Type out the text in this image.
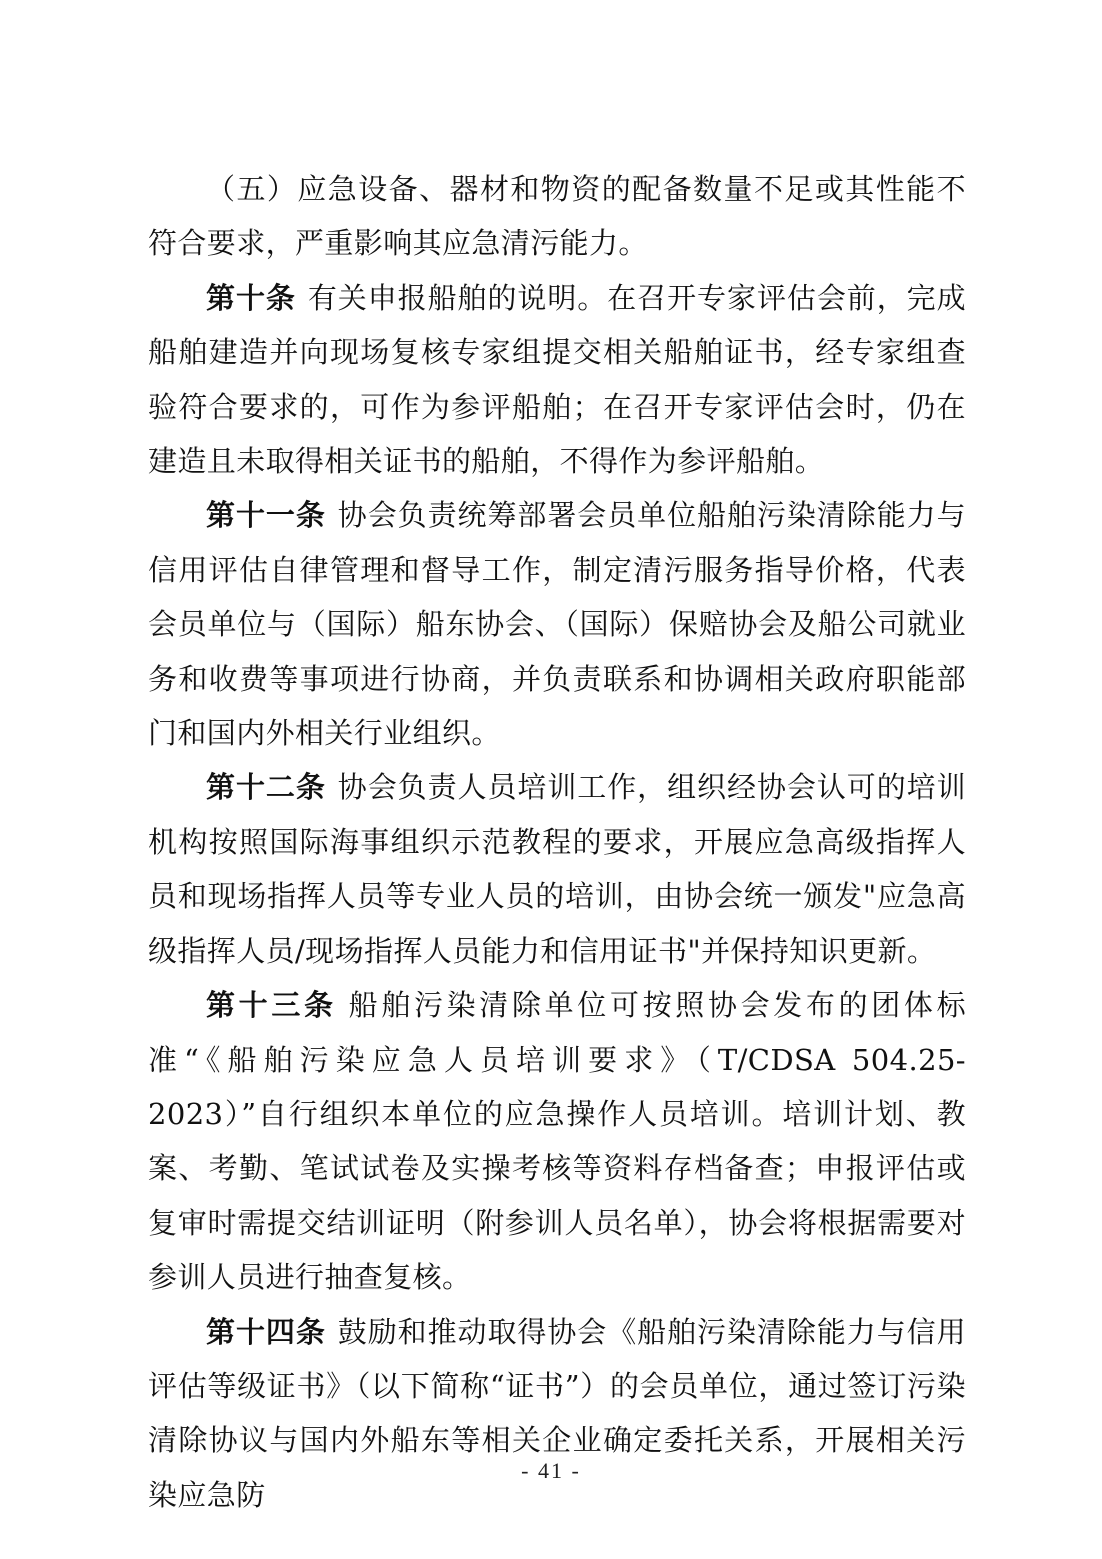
（五）应急设备、器材和物资的配备数量不足或其性能不符合要求，严重影响其应急清污能力。

第十条 有关申报船舶的说明。在召开专家评估会前，完成船舶建造并向现场复核专家组提交相关船舶证书，经专家组查验符合要求的，可作为参评船舶；在召开专家评估会时，仍在建造且未取得相关证书的船舶，不得作为参评船舶。

第十一条 协会负责统筹部署会员单位船舶污染清除能力与信用评估自律管理和督导工作，制定清污服务指导价格，代表会员单位与（国际）船东协会、（国际）保赔协会及船公司就业务和收费等事项进行协商，并负责联系和协调相关政府职能部门和国内外相关行业组织。

第十二条 协会负责人员培训工作，组织经协会认可的培训机构按照国际海事组织示范教程的要求，开展应急高级指挥人员和现场指挥人员等专业人员的培训，由协会统一颁发"应急高级指挥人员/现场指挥人员能力和信用证书"并保持知识更新。

第十三条 船舶污染清除单位可按照协会发布的团体标准“《船舶污染应急人员培训要求》（T/CDSA 504.25-2023）”自行组织本单位的应急操作人员培训。培训计划、教案、考勤、笔试试卷及实操考核等资料存档备查；申报评估或复审时需提交结训证明（附参训人员名单），协会将根据需要对参训人员进行抽查复核。

第十四条 鼓励和推动取得协会《船舶污染清除能力与信用评估等级证书》（以下简称“证书”）的会员单位，通过签订污染清除协议与国内外船东等相关企业确定委托关系，开展相关污染应急防

- 41 -
